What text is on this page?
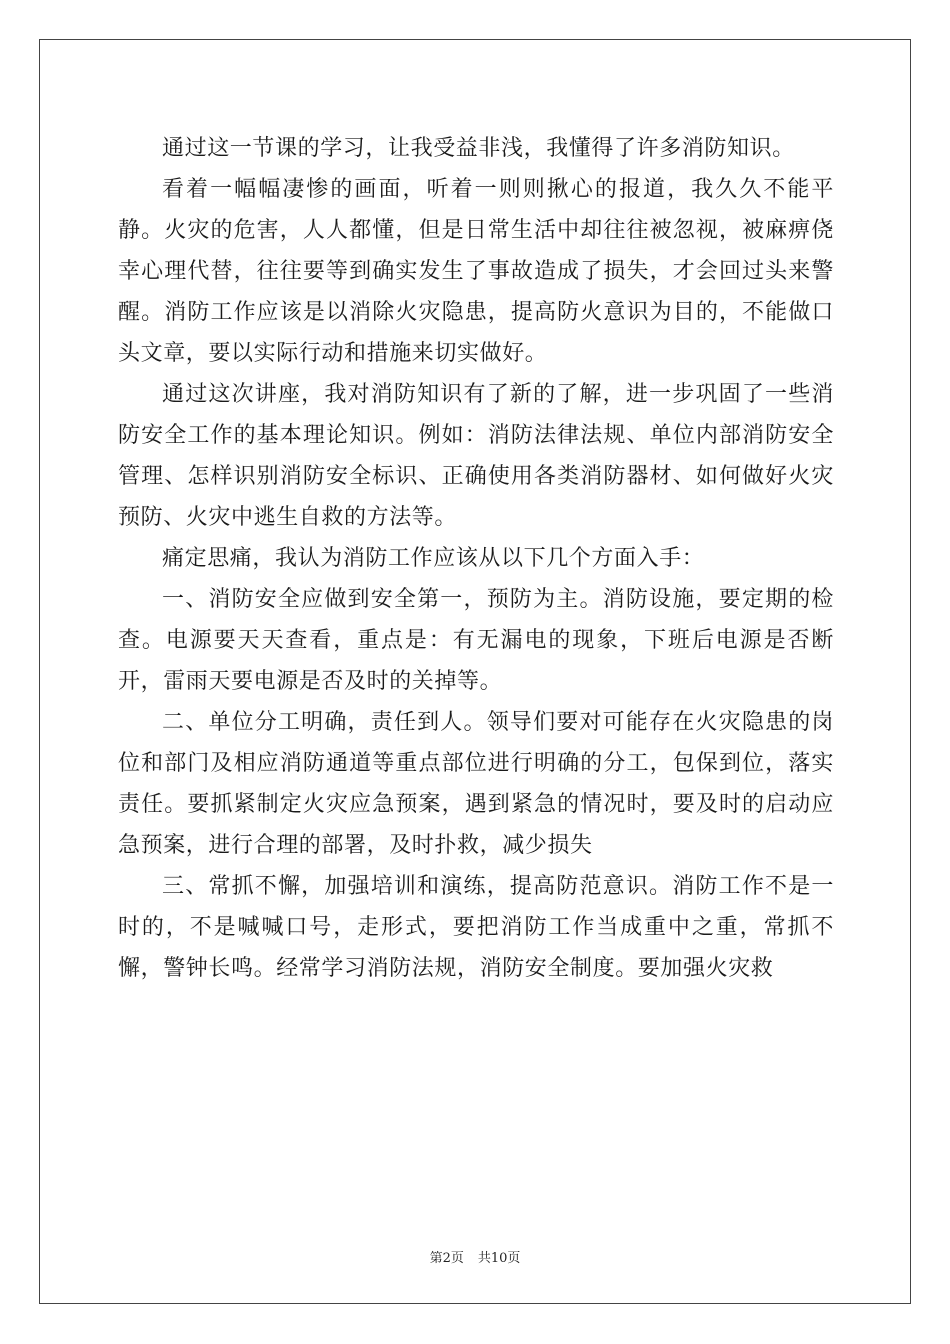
通过这一节课的学习，让我受益非浅，我懂得了许多消防知识。

看着一幅幅凄惨的画面，听着一则则揪心的报道，我久久不能平静。火灾的危害，人人都懂，但是日常生活中却往往被忽视，被麻痹侥幸心理代替，往往要等到确实发生了事故造成了损失，才会回过头来警醒。消防工作应该是以消除火灾隐患，提高防火意识为目的，不能做口头文章，要以实际行动和措施来切实做好。

通过这次讲座，我对消防知识有了新的了解，进一步巩固了一些消防安全工作的基本理论知识。例如：消防法律法规、单位内部消防安全管理、怎样识别消防安全标识、正确使用各类消防器材、如何做好火灾预防、火灾中逃生自救的方法等。

痛定思痛，我认为消防工作应该从以下几个方面入手：

一、消防安全应做到安全第一，预防为主。消防设施，要定期的检查。电源要天天查看，重点是：有无漏电的现象，下班后电源是否断开，雷雨天要电源是否及时的关掉等。

二、单位分工明确，责任到人。领导们要对可能存在火灾隐患的岗位和部门及相应消防通道等重点部位进行明确的分工，包保到位，落实责任。要抓紧制定火灾应急预案，遇到紧急的情况时，要及时的启动应急预案，进行合理的部署，及时扑救，减少损失

三、常抓不懈，加强培训和演练，提高防范意识。消防工作不是一时的，不是喊喊口号，走形式，要把消防工作当成重中之重，常抓不懈，警钟长鸣。经常学习消防法规，消防安全制度。要加强火灾救

第2页 共10页
